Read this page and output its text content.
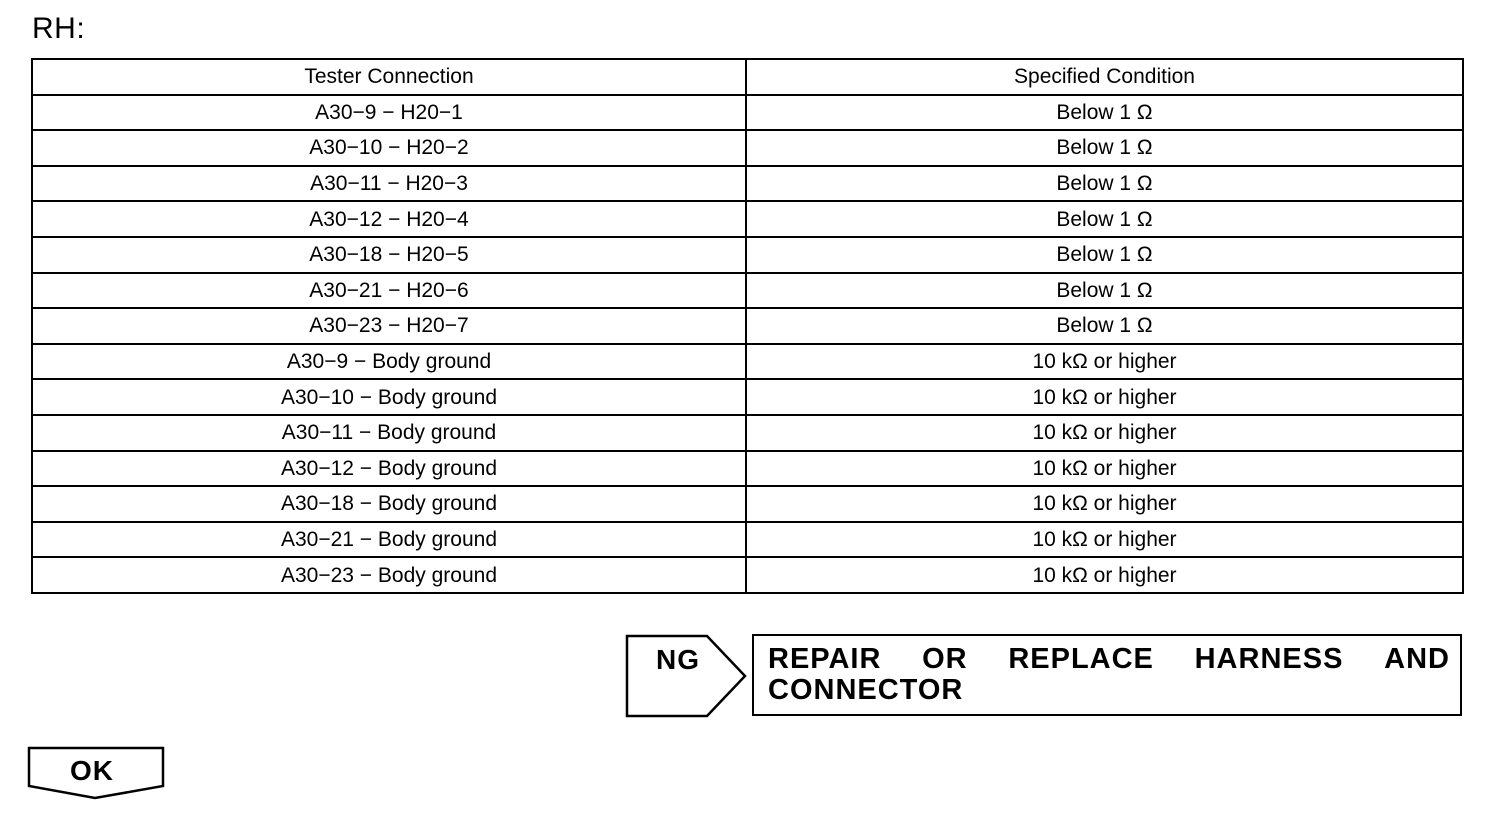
RH:
Tester Connection	Specified Condition
A30−9 − H20−1	Below 1 Ω
A30−10 − H20−2	Below 1 Ω
A30−11 − H20−3	Below 1 Ω
A30−12 − H20−4	Below 1 Ω
A30−18 − H20−5	Below 1 Ω
A30−21 − H20−6	Below 1 Ω
A30−23 − H20−7	Below 1 Ω
A30−9 − Body ground	10 kΩ or higher
A30−10 − Body ground	10 kΩ or higher
A30−11 − Body ground	10 kΩ or higher
A30−12 − Body ground	10 kΩ or higher
A30−18 − Body ground	10 kΩ or higher
A30−21 − Body ground	10 kΩ or higher
A30−23 − Body ground	10 kΩ or higher
NG REPAIR OR REPLACE HARNESS AND
CONNECTOR
OK
